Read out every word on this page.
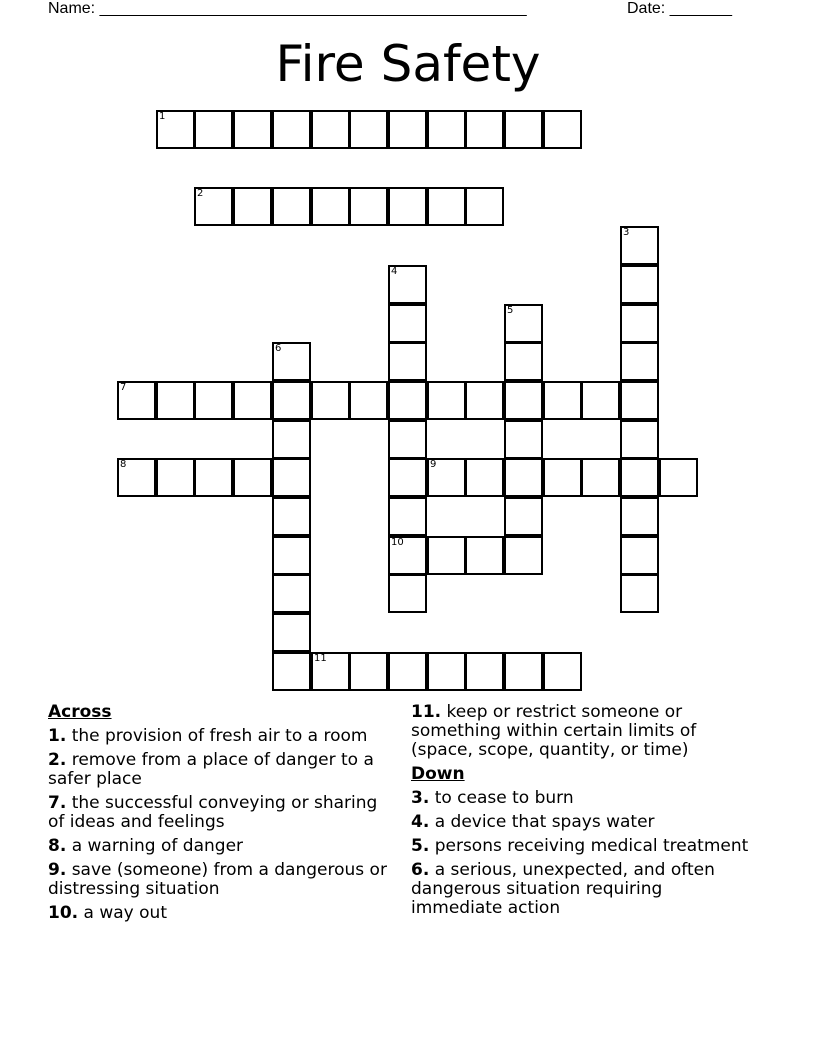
Name: ________________________________________________	Date: _______
Fire Safety
1
2
3
4
10
5
6
7
8	9
11
Across
1. the provision of fresh air to a room
2. remove from a place of danger to a safer place
7. the successful conveying or sharing of ideas and feelings
8. a warning of danger
9. save (someone) from a dangerous or distressing situation
10. a way out
11. keep or restrict someone or something within certain limits of (space, scope, quantity, or time)
Down
3. to cease to burn
4. a device that spays water
5. persons receiving medical treatment
6. a serious, unexpected, and often dangerous situation requiring immediate action
